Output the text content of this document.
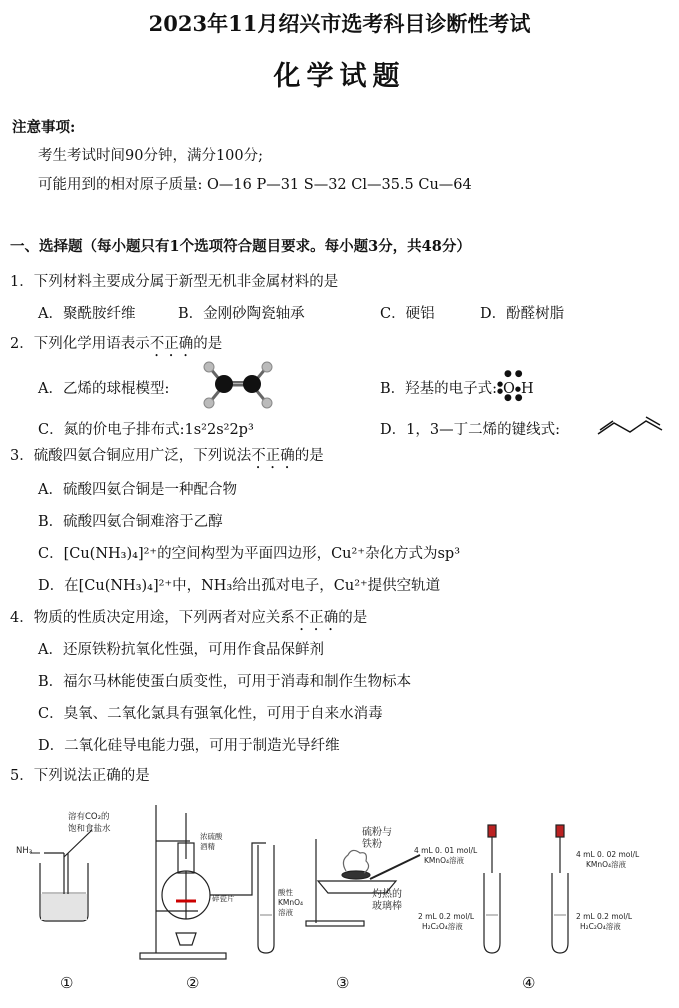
2023年11月绍兴市选考科目诊断性考试
化学试题
注意事项:
考生考试时间90分钟，满分100分;
可能用到的相对原子质量: O—16 P—31 S—32 Cl—35.5 Cu—64
一、选择题（每小题只有1个选项符合题目要求。每小题3分，共48分）
1．下列材料主要成分属于新型无机非金属材料的是
A．聚酰胺纤维	B．金刚砂陶瓷轴承	C．硬铝	D．酚醛树脂
2．下列化学用语表示不正确的是
A．乙烯的球棍模型:	B．羟基的电子式:
● ●
●
●
● ●
O●H
C．氮的价电子排布式:1s²2s²2p³	D．1，3—丁二烯的键线式:
3．硫酸四氨合铜应用广泛，下列说法不正确的是
A．硫酸四氨合铜是一种配合物
B．硫酸四氨合铜难溶于乙醇
C．[Cu(NH₃)₄]²⁺的空间构型为平面四边形，Cu²⁺杂化方式为sp³
D．在[Cu(NH₃)₄]²⁺中，NH₃给出孤对电子，Cu²⁺提供空轨道
4．物质的性质决定用途，下列两者对应关系不正确的是
A．还原铁粉抗氧化性强，可用作食品保鲜剂
B．福尔马林能使蛋白质变性，可用于消毒和制作生物标本
C．臭氧、二氧化氯具有强氧化性，可用于自来水消毒
D．二氧化硅导电能力强，可用于制造光导纤维
5．下列说法正确的是
NH₃
溶有CO₂的
饱和食盐水
浓硫酸
酒精
碎瓷片
酸性
KMnO₄
溶液
硫粉与
铁粉
灼热的
玻璃棒
4 mL 0. 01 mol/L
KMnO₄溶液
2 mL 0.2 mol/L
H₂C₂O₄溶液
4 mL 0. 02 mol/L
KMnO₄溶液
2 mL 0.2 mol/L
H₂C₂O₄溶液
①	②	③	④
